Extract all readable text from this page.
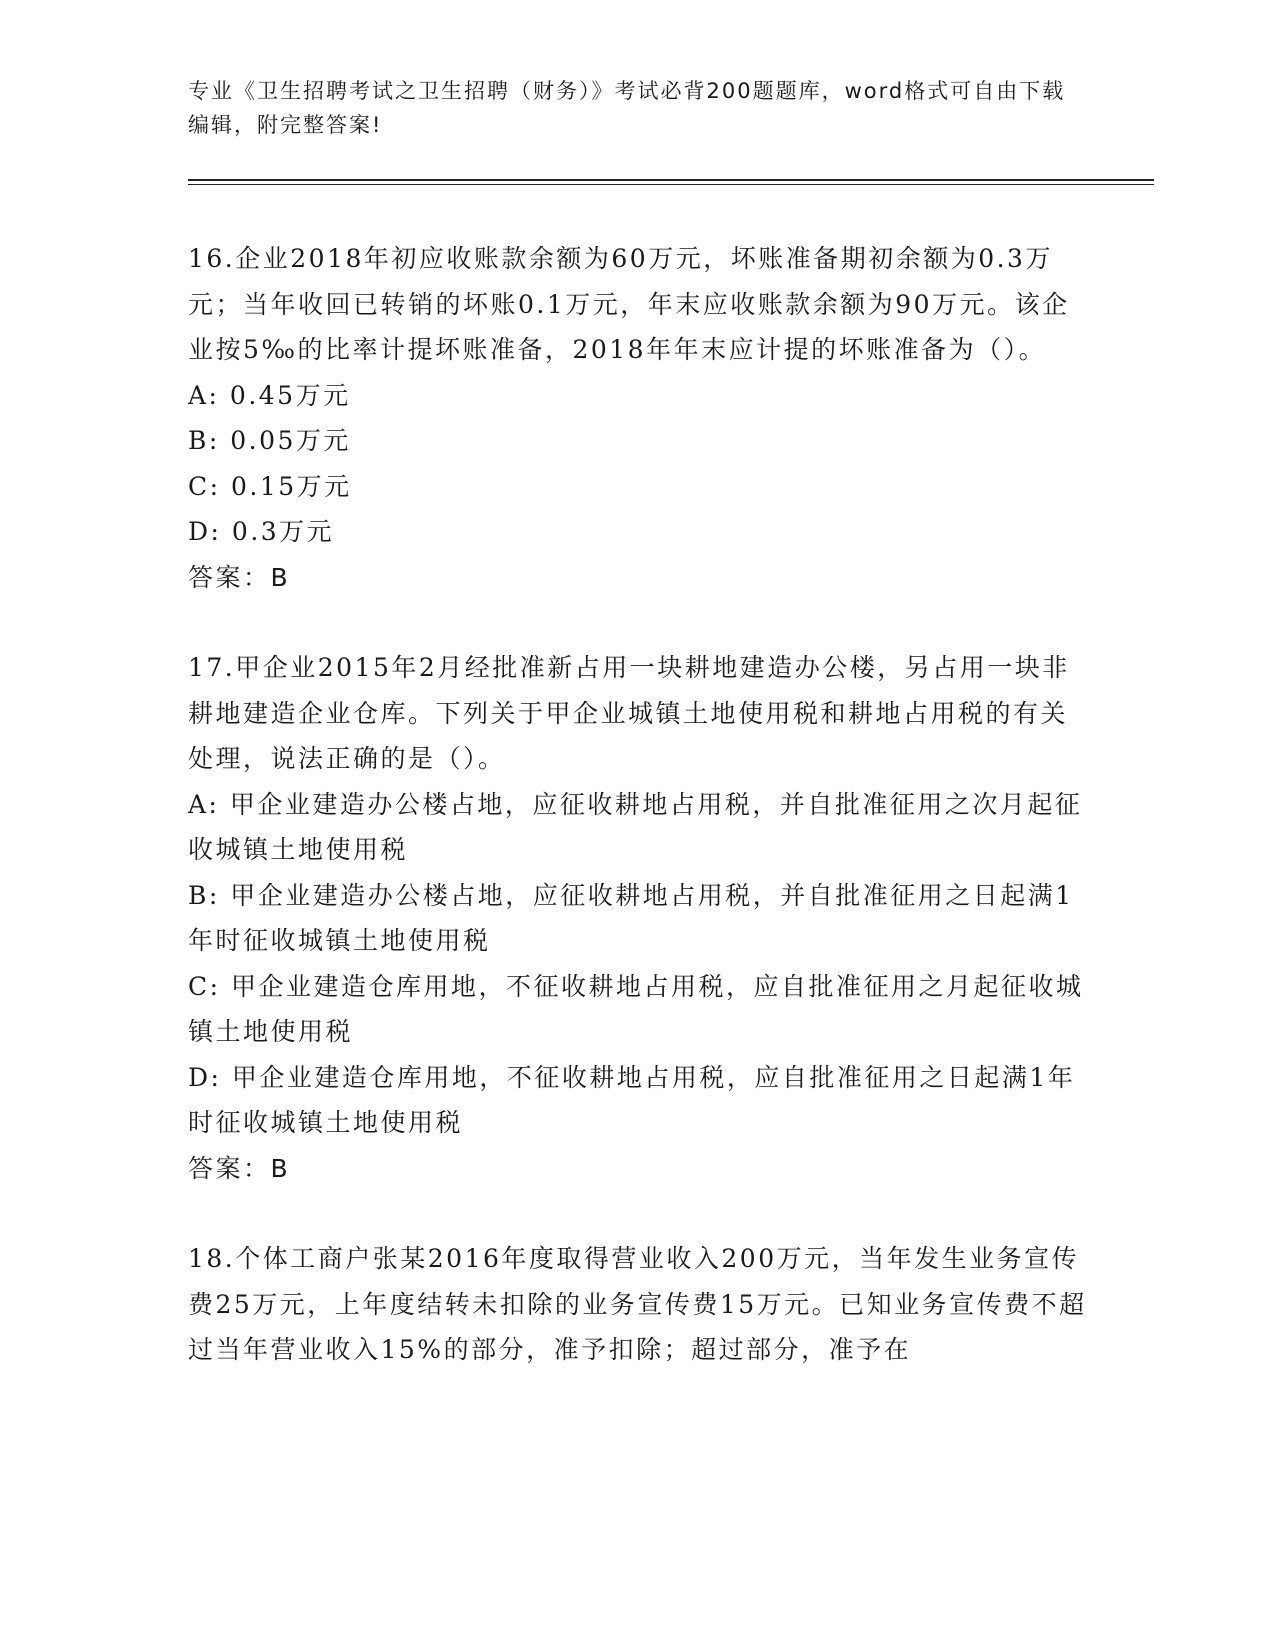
专业《卫生招聘考试之卫生招聘（财务）》考试必背200题题库，word格式可自由下载编辑，附完整答案!

16.企业2018年初应收账款余额为60万元，坏账准备期初余额为0.3万元；当年收回已转销的坏账0.1万元，年末应收账款余额为90万元。该企业按5‰的比率计提坏账准备，2018年年末应计提的坏账准备为（）。

A: 0.45万元

B: 0.05万元

C: 0.15万元

D: 0.3万元

答案：B

17.甲企业2015年2月经批准新占用一块耕地建造办公楼，另占用一块非耕地建造企业仓库。下列关于甲企业城镇土地使用税和耕地占用税的有关处理，说法正确的是（）。

A: 甲企业建造办公楼占地，应征收耕地占用税，并自批准征用之次月起征收城镇土地使用税

B: 甲企业建造办公楼占地，应征收耕地占用税，并自批准征用之日起满1年时征收城镇土地使用税

C: 甲企业建造仓库用地，不征收耕地占用税，应自批准征用之月起征收城镇土地使用税

D: 甲企业建造仓库用地，不征收耕地占用税，应自批准征用之日起满1年时征收城镇土地使用税

答案：B

18.个体工商户张某2016年度取得营业收入200万元，当年发生业务宣传费25万元，上年度结转未扣除的业务宣传费15万元。已知业务宣传费不超过当年营业收入15%的部分，准予扣除；超过部分，准予在
